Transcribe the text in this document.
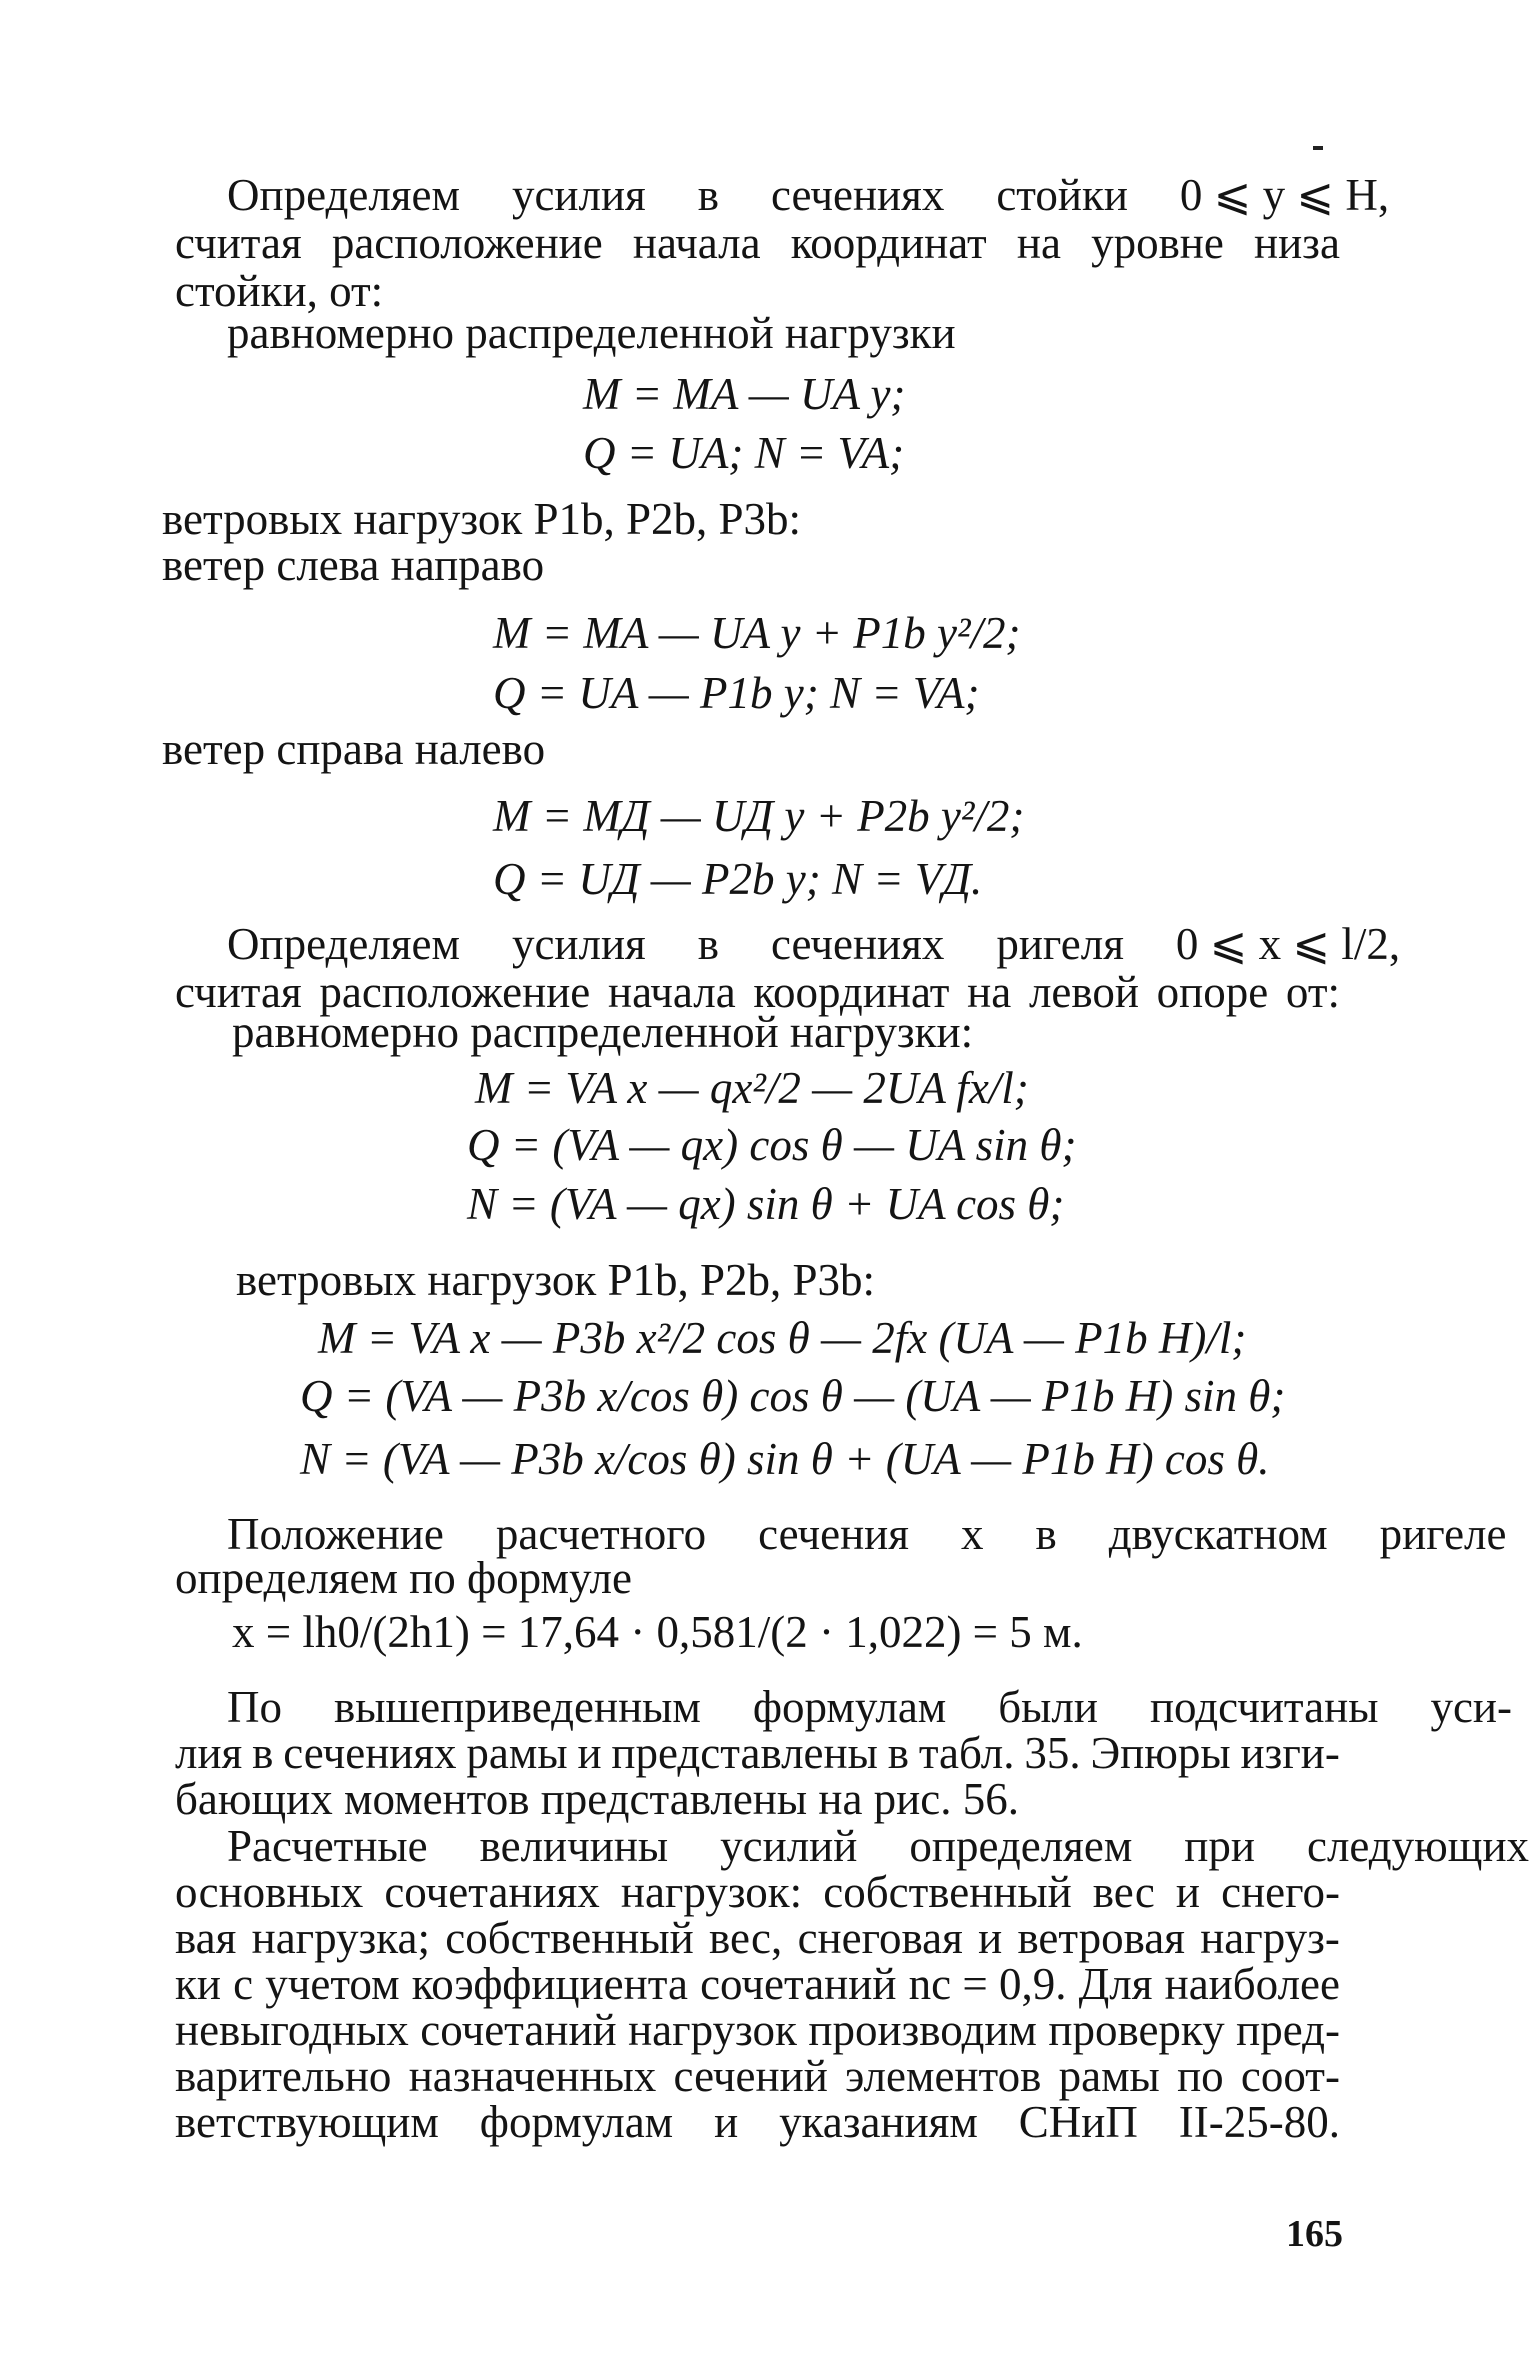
Определяем	усилия	в	сечениях	стойки	0 ⩽ y ⩽ H,
считая расположение начала координат на уровне низа
стойки, от:
равномерно распределенной нагрузки
M = MA — UA y;
Q = UA; N = VA;
ветровых нагрузок P1b, P2b, P3b:
ветер слева направо
M = MA — UA y + P1b y²/2;
Q = UA — P1b y; N = VA;
ветер справа налево
M = MД — UД y + P2b y²/2;
Q = UД — P2b y; N = VД.
Определяем	усилия	в	сечениях	ригеля	0 ⩽ x ⩽ l/2,
считая расположение начала координат на левой опоре от:
равномерно распределенной нагрузки:
M = VA x — qx²/2 — 2UA fx/l;
Q = (VA — qx) cos θ — UA sin θ;
N = (VA — qx) sin θ + UA cos θ;
ветровых нагрузок P1b, P2b, P3b:
M = VA x — P3b x²/2 cos θ — 2fx (UA — P1b H)/l;
Q = (VA — P3b x/cos θ) cos θ — (UA — P1b H) sin θ;
N = (VA — P3b x/cos θ) sin θ + (UA — P1b H) cos θ.
Положение	расчетного	сечения	x	в	двускатном	ригеле
определяем по формуле
x = lh0/(2h1) = 17,64 · 0,581/(2 · 1,022) = 5 м.
По	вышеприведенным	формулам	были	подсчитаны	уси-
лия в сечениях рамы и представлены в табл. 35. Эпюры изги-
бающих моментов представлены на рис. 56.
Расчетные	величины	усилий	определяем	при	следующих
основных сочетаниях нагрузок: собственный вес и снего-
вая нагрузка; собственный вес, снеговая и ветровая нагруз-
ки с учетом коэффициента сочетаний nc = 0,9. Для наиболее
невыгодных сочетаний нагрузок производим проверку пред-
варительно назначенных сечений элементов рамы по соот-
ветствующим формулам и указаниям СНиП II-25-80.
165
